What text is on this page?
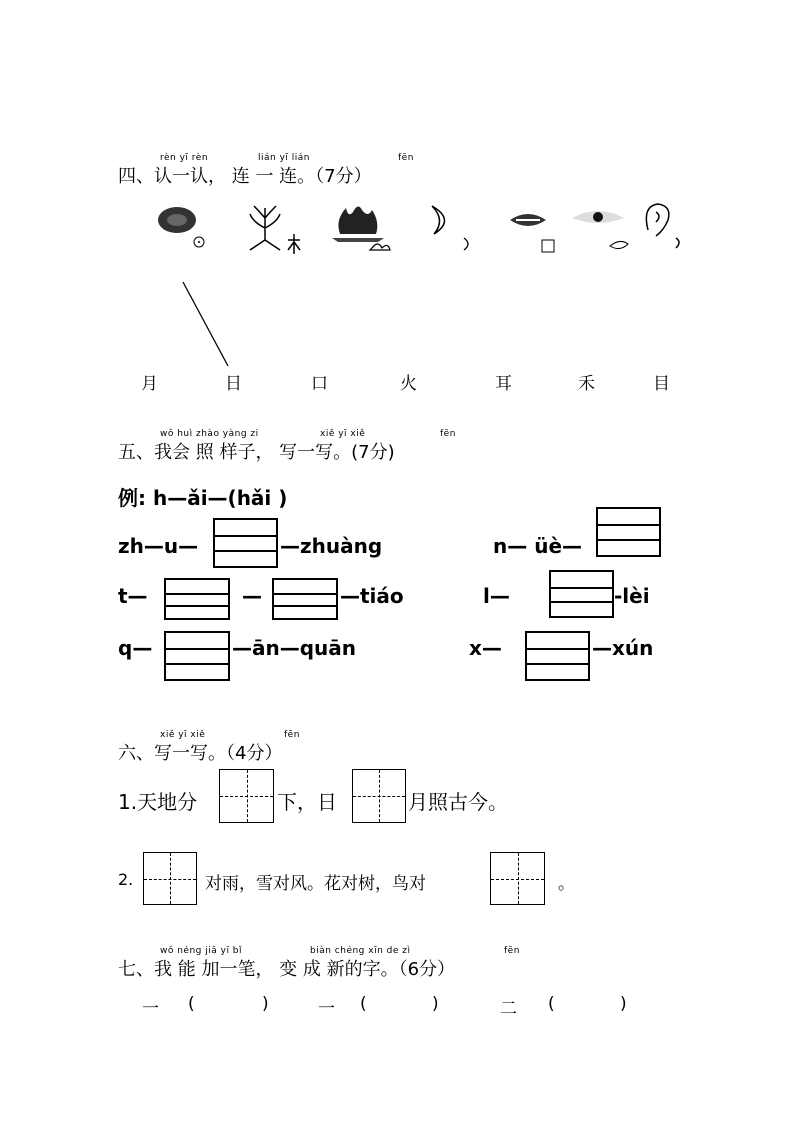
rèn yī rèn	lián yī lián	fēn
四、认一认， 连 一 连。（7分）
月	日	口	火	耳	禾	目
wǒ huì zhào yàng zi	xiě yī xiě	fēn
五、我会 照 样子， 写一写。(7分)
例: h—ǎi—(hǎi )
zh—u—	—zhuàng	n— üè—
t—	—	—tiáo	l—	-lèi
q—	—ān—quān	x—	—xún
xiě yī xiě	fēn
六、写一写。（4分）
1.天地分	下，日	月照古今。
2.	对雨，雪对风。花对树，鸟对	。
wǒ néng jiā yī bǐ	biàn chéng xīn de zì	fēn
七、我 能 加一笔， 变 成 新的字。（6分）
一 (	)	一 (	)	二 (	)
